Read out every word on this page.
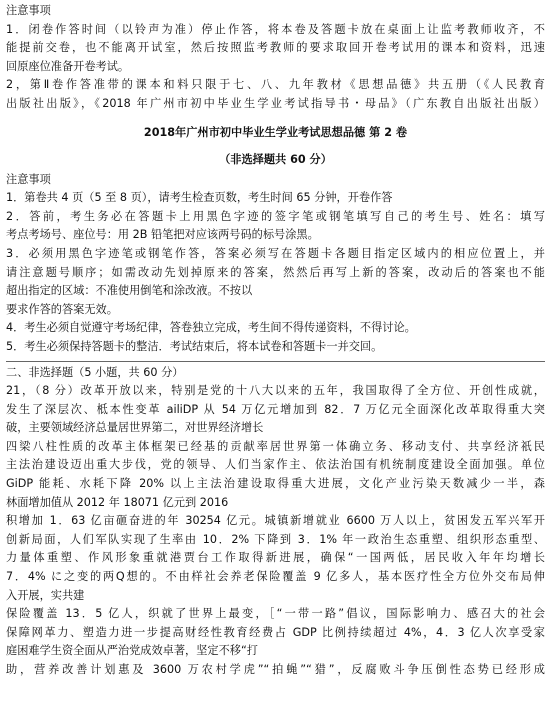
注意事项
1．闭卷作答时间（以铃声为准）停止作答，将本卷及答题卡放在桌面上让监考教师收齐，不
能提前交卷，也不能离开试室，然后按照监考教师的要求取回开卷考试用的课本和资料，迅速
回原座位准备开卷考试。
2，第Ⅱ卷作答准带的课本和料只限于七、八、九年教材《思想品德》共五册（《人民教育
出版社出版》，《2018 年广州市初中毕业生学业考试指导书・母品》（广东教自出版社出版）
2018年广州市初中毕业生学业考试思想品德 第 2 卷
（非选择题共 60 分）
注意事项
1．第卷共 4 页（5 至 8 页），请考生检查页数，考生时间 65 分钟，开卷作答
2．答前，考生务必在答题卡上用黑色字迹的签字笔或钢笔填写自己的考生号、姓名：填写
考点考场号、座位号：用 2B 铅笔把对应该两号码的标号涂黑。
3．必须用黑色字迹笔或钢笔作答，答案必须写在答题卡各题目指定区域内的相应位置上，并
请注意题号顺序；如需改动先划掉原来的答案，然然后再写上新的答案，改动后的答案也不能
超出指定的区域：不准使用倒笔和涂改液。不按以
要求作答的答案无效。
4．考生必须自觉遵守考场纪律，答卷独立完成，考生间不得传递资料，不得讨论。
5．考生必须保持答题卡的整洁．考试结束后，将本试卷和答题卡一并交回。
二、非选择题（5 小题，共 60 分）
21，（8 分）改革开放以来，特别是党的十八大以来的五年，我国取得了全方位、开创性成就，
发生了深层次、柢本性变革 ailiDP 从 54 万亿元增加到 82．7 万亿元全面深化改革取得重大突
破，主要领域经济总量居世界第二，对世界经济增长
四梁八柱性质的改革主体框架已经基的贡献率居世界第一体确立务、移动支付、共享经济祇民
主法治建设迈出重大步伐，党的领导、人们当家作主、依法治国有机统制度建设全面加强。单位
GiDP 能耗、水耗下降 20% 以上主法治建设取得重大进展，文化产业污染天数减少一半，森
林面增加值从 2012 年 18071 亿元到 2016
积增加 1．63 亿亩砸奋进的年 30254 亿元。城镇新增就业 6600 万人以上，贫困发五军兴军开
创新局面，人们军队实现了生率由 10．2% 下降到 3．1% 年一政治生态重塑、组织形态重型、
力量体重塑、作风形象重就港贾台工作取得新进展，确保“一国两低，居民收入年年均增长
7．4% に之变的两Q想的。不由样社会养老保险覆盖 9 亿多人，基本医疗性全方位外交布局伸
入开展，实共建
保险覆盖 13．5 亿人，织就了世界上最变，［“一带一路”倡议，国际影响力、感召大的社会
保障网革力、塑造力进一步提高财经性教育经费占 GDP 比例持续超过 4%，4．3 亿人次享受家
庭困难学生资全面从严治党成效卓著，坚定不移“打
助，营养改善计划惠及 3600 万农村学虎”“拍蝇”“猎”，反腐败斗争压倒性态势已经形成
